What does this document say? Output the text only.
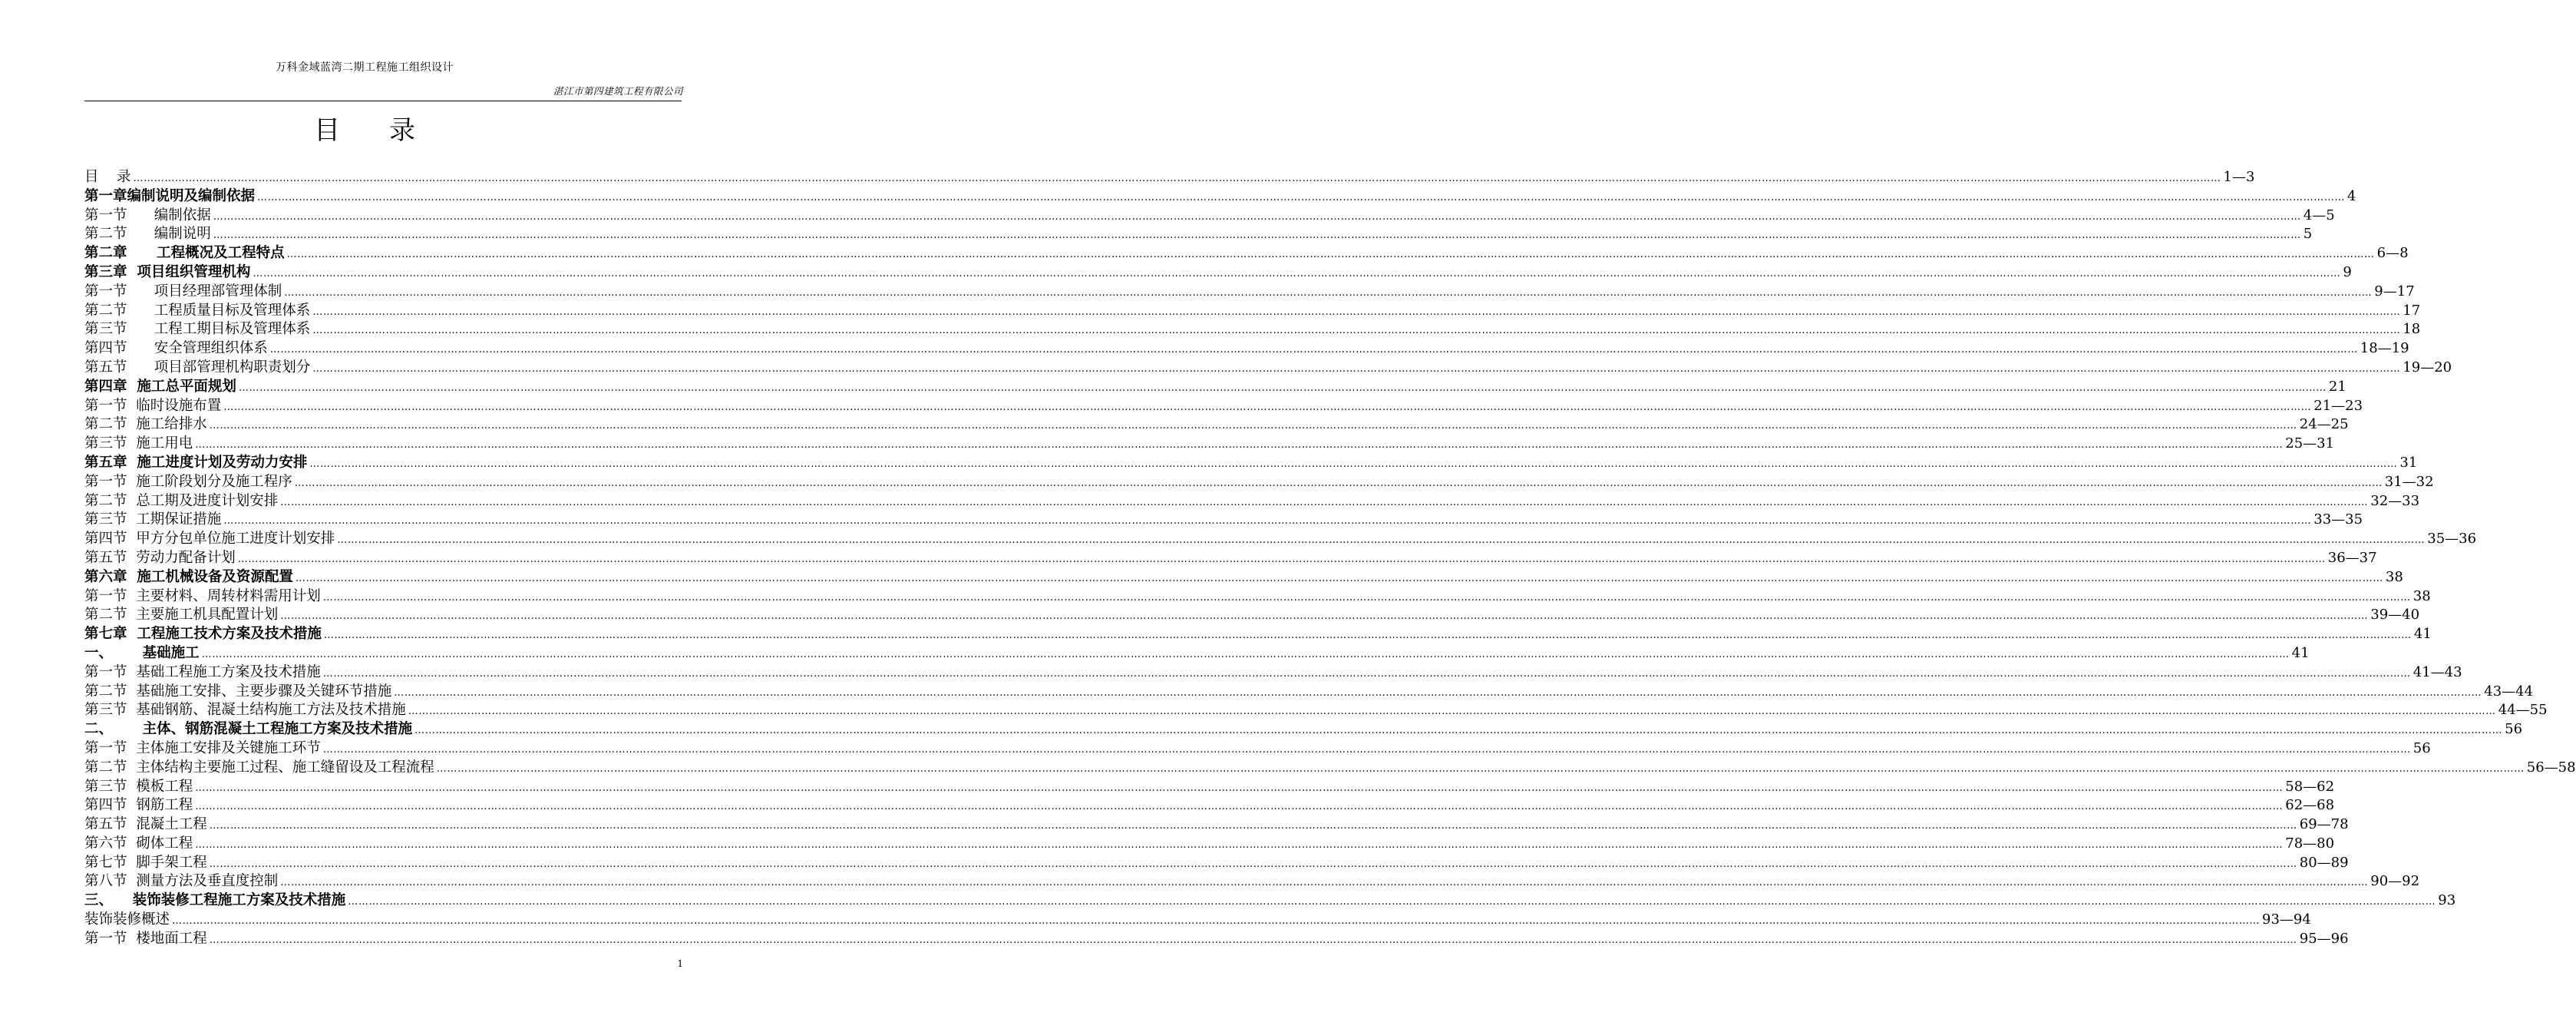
万科金域蓝湾二期工程施工组织设计
湛江市第四建筑工程有限公司
目录
目    录 …………………………………………………………………………………………………………………………………………………………………………………………………………………………………………………………………………………………………………………………………………………………………………………………………………………………………………………………………………………………………………………………………………………… 1—3
第一章编制说明及编制依据 …………………………………………………………………………………………………………………………………………………………………………………………………………………………………………………………………………………………………………………………………………………………………………………………………………………………………………………………………………………………………………………………………………………… 4
第一节      编制依据 …………………………………………………………………………………………………………………………………………………………………………………………………………………………………………………………………………………………………………………………………………………………………………………………………………………………………………………………………………………………………………………………………………………… 4—5
第二节      编制说明 …………………………………………………………………………………………………………………………………………………………………………………………………………………………………………………………………………………………………………………………………………………………………………………………………………………………………………………………………………………………………………………………………………………… 5
第二章      工程概况及工程特点 …………………………………………………………………………………………………………………………………………………………………………………………………………………………………………………………………………………………………………………………………………………………………………………………………………………………………………………………………………………………………………………………………………………… 6—8
第三章  项目组织管理机构 …………………………………………………………………………………………………………………………………………………………………………………………………………………………………………………………………………………………………………………………………………………………………………………………………………………………………………………………………………………………………………………………………………………… 9
第一节      项目经理部管理体制 …………………………………………………………………………………………………………………………………………………………………………………………………………………………………………………………………………………………………………………………………………………………………………………………………………………………………………………………………………………………………………………………………………………… 9—17
第二节      工程质量目标及管理体系 …………………………………………………………………………………………………………………………………………………………………………………………………………………………………………………………………………………………………………………………………………………………………………………………………………………………………………………………………………………………………………………………………………………… 17
第三节      工程工期目标及管理体系 …………………………………………………………………………………………………………………………………………………………………………………………………………………………………………………………………………………………………………………………………………………………………………………………………………………………………………………………………………………………………………………………………………………… 18
第四节      安全管理组织体系 …………………………………………………………………………………………………………………………………………………………………………………………………………………………………………………………………………………………………………………………………………………………………………………………………………………………………………………………………………………………………………………………………………………… 18—19
第五节      项目部管理机构职责划分 …………………………………………………………………………………………………………………………………………………………………………………………………………………………………………………………………………………………………………………………………………………………………………………………………………………………………………………………………………………………………………………………………………………… 19—20
第四章  施工总平面规划 …………………………………………………………………………………………………………………………………………………………………………………………………………………………………………………………………………………………………………………………………………………………………………………………………………………………………………………………………………………………………………………………………………………… 21
第一节  临时设施布置 …………………………………………………………………………………………………………………………………………………………………………………………………………………………………………………………………………………………………………………………………………………………………………………………………………………………………………………………………………………………………………………………………………………… 21—23
第二节  施工给排水 …………………………………………………………………………………………………………………………………………………………………………………………………………………………………………………………………………………………………………………………………………………………………………………………………………………………………………………………………………………………………………………………………………………… 24—25
第三节  施工用电 …………………………………………………………………………………………………………………………………………………………………………………………………………………………………………………………………………………………………………………………………………………………………………………………………………………………………………………………………………………………………………………………………………………… 25—31
第五章  施工进度计划及劳动力安排 …………………………………………………………………………………………………………………………………………………………………………………………………………………………………………………………………………………………………………………………………………………………………………………………………………………………………………………………………………………………………………………………………………………… 31
第一节  施工阶段划分及施工程序 …………………………………………………………………………………………………………………………………………………………………………………………………………………………………………………………………………………………………………………………………………………………………………………………………………………………………………………………………………………………………………………………………………………… 31—32
第二节  总工期及进度计划安排 …………………………………………………………………………………………………………………………………………………………………………………………………………………………………………………………………………………………………………………………………………………………………………………………………………………………………………………………………………………………………………………………………………………… 32—33
第三节  工期保证措施 …………………………………………………………………………………………………………………………………………………………………………………………………………………………………………………………………………………………………………………………………………………………………………………………………………………………………………………………………………………………………………………………………………………… 33—35
第四节  甲方分包单位施工进度计划安排 …………………………………………………………………………………………………………………………………………………………………………………………………………………………………………………………………………………………………………………………………………………………………………………………………………………………………………………………………………………………………………………………………………………… 35—36
第五节  劳动力配备计划 …………………………………………………………………………………………………………………………………………………………………………………………………………………………………………………………………………………………………………………………………………………………………………………………………………………………………………………………………………………………………………………………………………………… 36—37
第六章  施工机械设备及资源配置 …………………………………………………………………………………………………………………………………………………………………………………………………………………………………………………………………………………………………………………………………………………………………………………………………………………………………………………………………………………………………………………………………………………… 38
第一节  主要材料、周转材料需用计划 …………………………………………………………………………………………………………………………………………………………………………………………………………………………………………………………………………………………………………………………………………………………………………………………………………………………………………………………………………………………………………………………………………………… 38
第二节  主要施工机具配置计划 …………………………………………………………………………………………………………………………………………………………………………………………………………………………………………………………………………………………………………………………………………………………………………………………………………………………………………………………………………………………………………………………………………………… 39—40
第七章  工程施工技术方案及技术措施 …………………………………………………………………………………………………………………………………………………………………………………………………………………………………………………………………………………………………………………………………………………………………………………………………………………………………………………………………………………………………………………………………………………… 41
一、      基础施工 …………………………………………………………………………………………………………………………………………………………………………………………………………………………………………………………………………………………………………………………………………………………………………………………………………………………………………………………………………………………………………………………………………………… 41
第一节  基础工程施工方案及技术措施 …………………………………………………………………………………………………………………………………………………………………………………………………………………………………………………………………………………………………………………………………………………………………………………………………………………………………………………………………………………………………………………………………………………… 41—43
第二节  基础施工安排、主要步骤及关键环节措施 …………………………………………………………………………………………………………………………………………………………………………………………………………………………………………………………………………………………………………………………………………………………………………………………………………………………………………………………………………………………………………………………………………………… 43—44
第三节  基础钢筋、混凝土结构施工方法及技术措施 …………………………………………………………………………………………………………………………………………………………………………………………………………………………………………………………………………………………………………………………………………………………………………………………………………………………………………………………………………………………………………………………………………………… 44—55
二、      主体、钢筋混凝土工程施工方案及技术措施 …………………………………………………………………………………………………………………………………………………………………………………………………………………………………………………………………………………………………………………………………………………………………………………………………………………………………………………………………………………………………………………………………………………… 56
第一节  主体施工安排及关键施工环节 …………………………………………………………………………………………………………………………………………………………………………………………………………………………………………………………………………………………………………………………………………………………………………………………………………………………………………………………………………………………………………………………………………………… 56
第二节  主体结构主要施工过程、施工缝留设及工程流程 …………………………………………………………………………………………………………………………………………………………………………………………………………………………………………………………………………………………………………………………………………………………………………………………………………………………………………………………………………………………………………………………………………………… 56—58
第三节  模板工程 …………………………………………………………………………………………………………………………………………………………………………………………………………………………………………………………………………………………………………………………………………………………………………………………………………………………………………………………………………………………………………………………………………………… 58—62
第四节  钢筋工程 …………………………………………………………………………………………………………………………………………………………………………………………………………………………………………………………………………………………………………………………………………………………………………………………………………………………………………………………………………………………………………………………………………………… 62—68
第五节  混凝土工程 …………………………………………………………………………………………………………………………………………………………………………………………………………………………………………………………………………………………………………………………………………………………………………………………………………………………………………………………………………………………………………………………………………………… 69—78
第六节  砌体工程 …………………………………………………………………………………………………………………………………………………………………………………………………………………………………………………………………………………………………………………………………………………………………………………………………………………………………………………………………………………………………………………………………………………… 78—80
第七节  脚手架工程 …………………………………………………………………………………………………………………………………………………………………………………………………………………………………………………………………………………………………………………………………………………………………………………………………………………………………………………………………………………………………………………………………………………… 80—89
第八节  测量方法及垂直度控制 …………………………………………………………………………………………………………………………………………………………………………………………………………………………………………………………………………………………………………………………………………………………………………………………………………………………………………………………………………………………………………………………………………………… 90—92
三、    装饰装修工程施工方案及技术措施 …………………………………………………………………………………………………………………………………………………………………………………………………………………………………………………………………………………………………………………………………………………………………………………………………………………………………………………………………………………………………………………………………………………… 93
装饰装修概述 …………………………………………………………………………………………………………………………………………………………………………………………………………………………………………………………………………………………………………………………………………………………………………………………………………………………………………………………………………………………………………………………………………………… 93—94
第一节  楼地面工程 …………………………………………………………………………………………………………………………………………………………………………………………………………………………………………………………………………………………………………………………………………………………………………………………………………………………………………………………………………………………………………………………………………………… 95—96
1
